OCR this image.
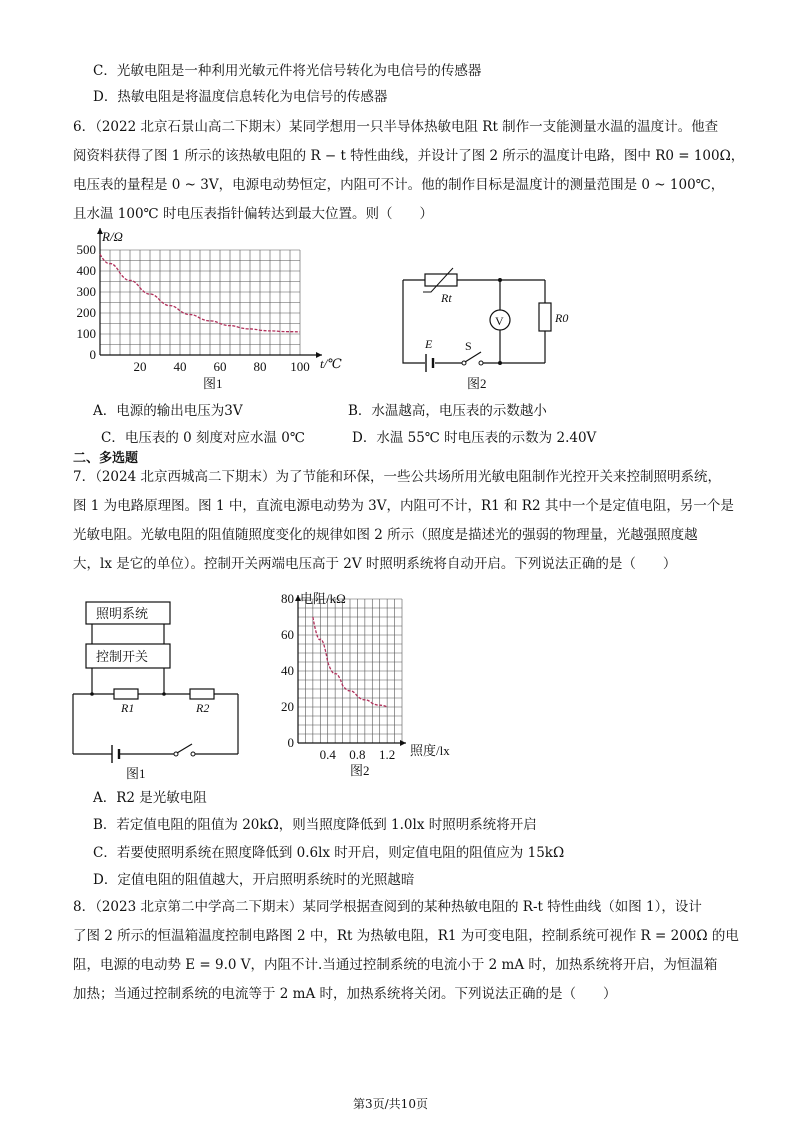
C．光敏电阻是一种利用光敏元件将光信号转化为电信号的传感器
D．热敏电阻是将温度信息转化为电信号的传感器
6．（2022 北京石景山高二下期末）某同学想用一只半导体热敏电阻 Rt 制作一支能测量水温的温度计。他查
阅资料获得了图 1 所示的该热敏电阻的 R − t 特性曲线，并设计了图 2 所示的温度计电路，图中 R0 = 100Ω，
电压表的量程是 0 ~ 3V，电源电动势恒定，内阻可不计。他的制作目标是温度计的测量范围是 0 ~ 100℃，
且水温 100℃ 时电压表指针偏转达到最大位置。则（　　）
500
400
300
200
100
0
20 40 60 80 100
R/Ω
t/℃
图1
Rt
V	R0
E	S
图2
A．电源的输出电压为3V	B．水温越高，电压表的示数越小
C．电压表的 0 刻度对应水温 0℃	D．水温 55℃ 时电压表的示数为 2.40V
二、多选题
7．（2024 北京西城高二下期末）为了节能和环保，一些公共场所用光敏电阻制作光控开关来控制照明系统，
图 1 为电路原理图。图 1 中，直流电源电动势为 3V，内阻可不计，R1 和 R2 其中一个是定值电阻，另一个是
光敏电阻。光敏电阻的阻值随照度变化的规律如图 2 所示（照度是描述光的强弱的物理量，光越强照度越
大，lx 是它的单位）。控制开关两端电压高于 2V 时照明系统将自动开启。下列说法正确的是（　　）
照明系统
控制开关
R1	R2
图1
80
60
40
20
0
0.4 0.8 1.2
电阻/kΩ
照度/lx
图2
A．R2 是光敏电阻
B．若定值电阻的阻值为 20kΩ，则当照度降低到 1.0lx 时照明系统将开启
C．若要使照明系统在照度降低到 0.6lx 时开启，则定值电阻的阻值应为 15kΩ
D．定值电阻的阻值越大，开启照明系统时的光照越暗
8．（2023 北京第二中学高二下期末）某同学根据查阅到的某种热敏电阻的 R-t 特性曲线（如图 1），设计
了图 2 所示的恒温箱温度控制电路图 2 中，Rt 为热敏电阻，R1 为可变电阻，控制系统可视作 R = 200Ω 的电
阻，电源的电动势 E = 9.0 V，内阻不计.当通过控制系统的电流小于 2 mA 时，加热系统将开启，为恒温箱
加热；当通过控制系统的电流等于 2 mA 时，加热系统将关闭。下列说法正确的是（　　）
第3页/共10页
